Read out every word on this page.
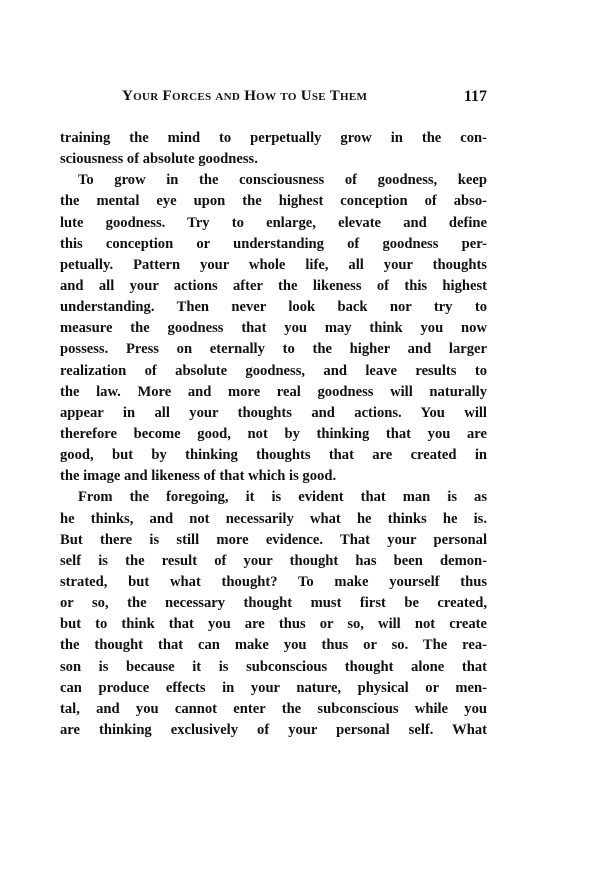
Your Forces and How to Use Them	117
training the mind to perpetually grow in the con-
sciousness of absolute goodness.
To grow in the consciousness of goodness, keep
the mental eye upon the highest conception of abso-
lute goodness. Try to enlarge, elevate and define
this conception or understanding of goodness per-
petually. Pattern your whole life, all your thoughts
and all your actions after the likeness of this highest
understanding. Then never look back nor try to
measure the goodness that you may think you now
possess. Press on eternally to the higher and larger
realization of absolute goodness, and leave results to
the law. More and more real goodness will naturally
appear in all your thoughts and actions. You will
therefore become good, not by thinking that you are
good, but by thinking thoughts that are created in
the image and likeness of that which is good.
From the foregoing, it is evident that man is as
he thinks, and not necessarily what he thinks he is.
But there is still more evidence. That your personal
self is the result of your thought has been demon-
strated, but what thought? To make yourself thus
or so, the necessary thought must first be created,
but to think that you are thus or so, will not create
the thought that can make you thus or so. The rea-
son is because it is subconscious thought alone that
can produce effects in your nature, physical or men-
tal, and you cannot enter the subconscious while you
are thinking exclusively of your personal self. What
